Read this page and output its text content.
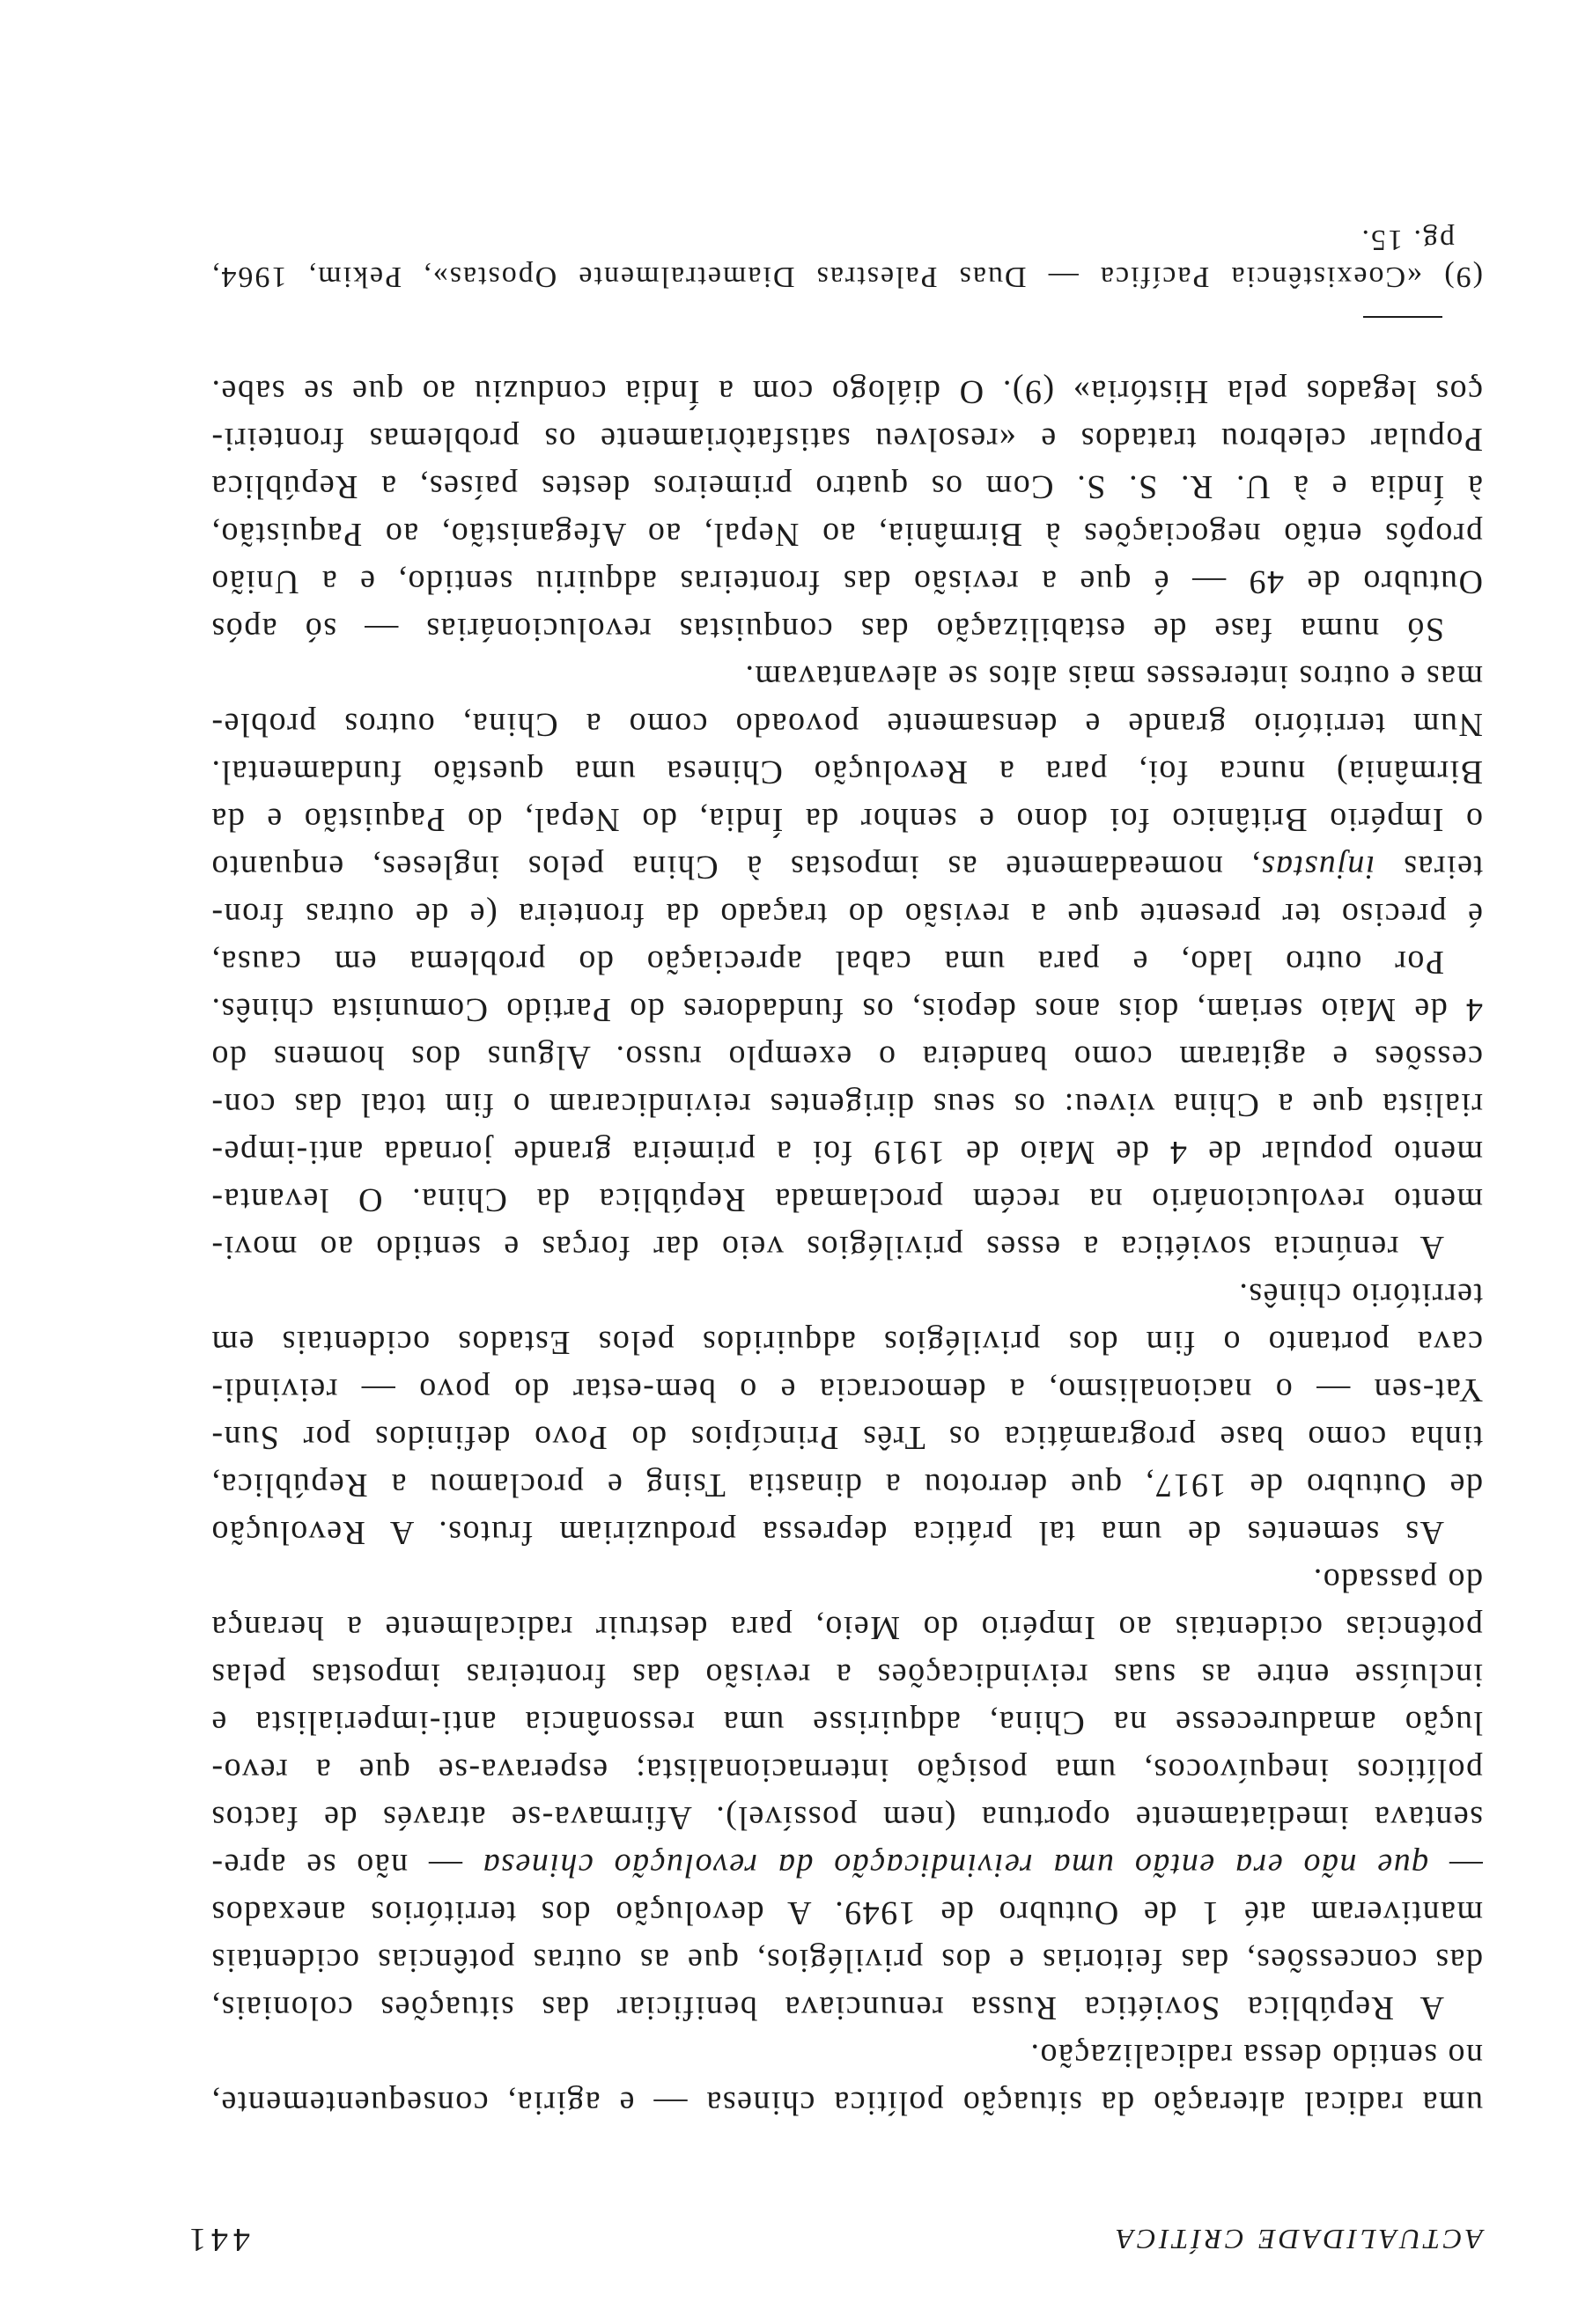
ACTUALIDADE CRÍTICA
441
uma radical alteração da situação política chinesa — e agiria, consequentemente,
no sentido dessa radicalização.
A República Soviética Russa renunciava benificiar das situações coloniais,
das concessões, das feitorias e dos privilégios, que as outras potências ocidentais
mantiveram até 1 de Outubro de 1949. A devolução dos territórios anexados
— que não era então uma reivindicação da revolução chinesa — não se apre-
sentava imediatamente oportuna (nem possível). Afirmava-se através de factos
políticos inequívocos, uma posição internacionalista; esperava-se que a revo-
lução amadurecesse na China, adquirisse uma ressonância anti-imperialista e
incluísse entre as suas reivindicações a revisão das fronteiras impostas pelas
potências ocidentais ao Império do Meio, para destruir radicalmente a herança
do passado.
As sementes de uma tal prática depressa produziriam frutos. A Revolução
de Outubro de 1917, que derrotou a dinastia Tsing e proclamou a República,
tinha como base programática os Três Princípios do Povo definidos por Sun-
Yat-sen — o nacionalismo, a democracia e o bem-estar do povo — reivindi-
cava portanto o fim dos privilégios adquiridos pelos Estados ocidentais em
território chinês.
A renúncia soviética a esses privilégios veio dar forças e sentido ao movi-
mento revolucionário na recém proclamada República da China. O levanta-
mento popular de 4 de Maio de 1919 foi a primeira grande jornada anti-impe-
rialista que a China viveu: os seus dirigentes reivindicaram o fim total das con-
cessões e agitaram como bandeira o exemplo russo. Alguns dos homens do
4 de Maio seriam, dois anos depois, os fundadores do Partido Comunista chinês.
Por outro lado, e para uma cabal apreciação do problema em causa,
é preciso ter presente que a revisão do traçado da fronteira (e de outras fron-
teiras injustas, nomeadamente as impostas à China pelos ingleses, enquanto
o Império Britânico foi dono e senhor da Índia, do Nepal, do Paquistão e da
Birmânia) nunca foi, para a Revolução Chinesa uma questão fundamental.
Num território grande e densamente povoado como a China, outros proble-
mas e outros interesses mais altos se alevantavam.
Só numa fase de estabilização das conquistas revolucionárias — só após
Outubro de 49 — é que a revisão das fronteiras adquiriu sentido, e a União
propôs então negociações à Birmânia, ao Nepal, ao Afeganistão, ao Paquistão,
à Índia e à U. R. S. S. Com os quatro primeiros destes países, a República
Popular celebrou tratados e «resolveu satisfatòriamente os problemas fronteiri-
ços legados pela História» (9). O diálogo com a Índia conduziu ao que se sabe.
(9) «Coexistência Pacífica — Duas Palestras Diametralmente Opostas», Pekim, 1964,
pg. 15.
